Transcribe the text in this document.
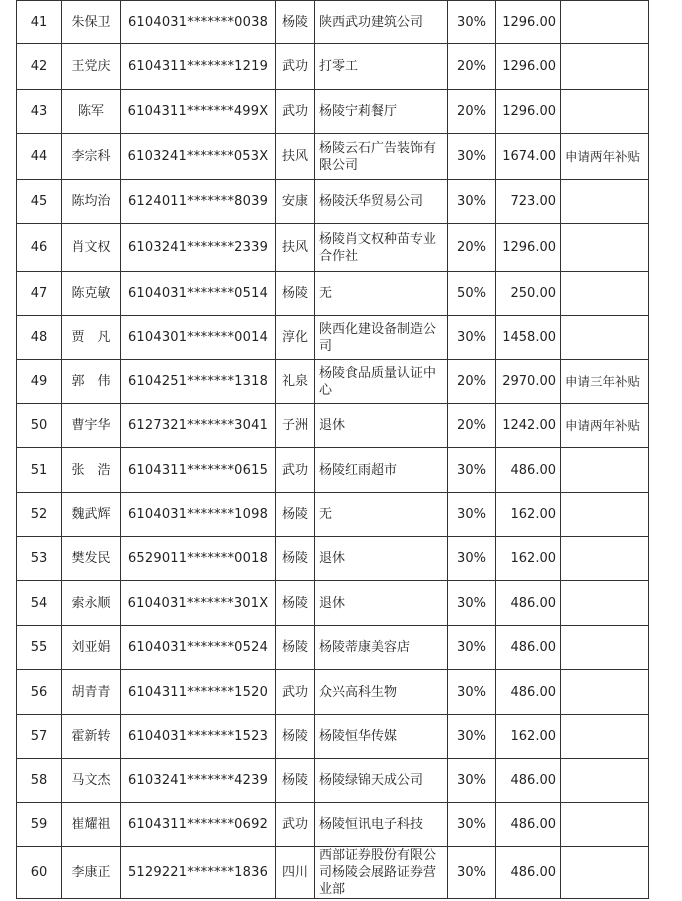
41	朱保卫	6104031*******0038	杨陵	陕西武功建筑公司	30%	1296.00	
42	王党庆	6104311*******1219	武功	打零工	20%	1296.00	
43	陈军	6104311*******499X	武功	杨陵宁莉餐厅	20%	1296.00	
44	李宗科	6103241*******053X	扶风	杨陵云石广告装饰有限公司	30%	1674.00	申请两年补贴
45	陈均治	6124011*******8039	安康	杨陵沃华贸易公司	30%	723.00	
46	肖文权	6103241*******2339	扶风	杨陵肖文权种苗专业合作社	20%	1296.00	
47	陈克敏	6104031*******0514	杨陵	无	50%	250.00	
48	贾　凡	6104301*******0014	淳化	陕西化建设备制造公司	30%	1458.00	
49	郭　伟	6104251*******1318	礼泉	杨陵食品质量认证中心	20%	2970.00	申请三年补贴
50	曹宇华	6127321*******3041	子洲	退休	20%	1242.00	申请两年补贴
51	张　浩	6104311*******0615	武功	杨陵红雨超市	30%	486.00	
52	魏武辉	6104031*******1098	杨陵	无	30%	162.00	
53	樊发民	6529011*******0018	杨陵	退休	30%	162.00	
54	索永顺	6104031*******301X	杨陵	退休	30%	486.00	
55	刘亚娟	6104031*******0524	杨陵	杨陵蒂康美容店	30%	486.00	
56	胡青青	6104311*******1520	武功	众兴高科生物	30%	486.00	
57	霍新转	6104031*******1523	杨陵	杨陵恒华传媒	30%	162.00	
58	马文杰	6103241*******4239	杨陵	杨陵绿锦天成公司	30%	486.00	
59	崔耀祖	6104311*******0692	武功	杨陵恒讯电子科技	30%	486.00	
60	李康正	5129221*******1836	四川	西部证券股份有限公司杨陵会展路证券营业部	30%	486.00	
